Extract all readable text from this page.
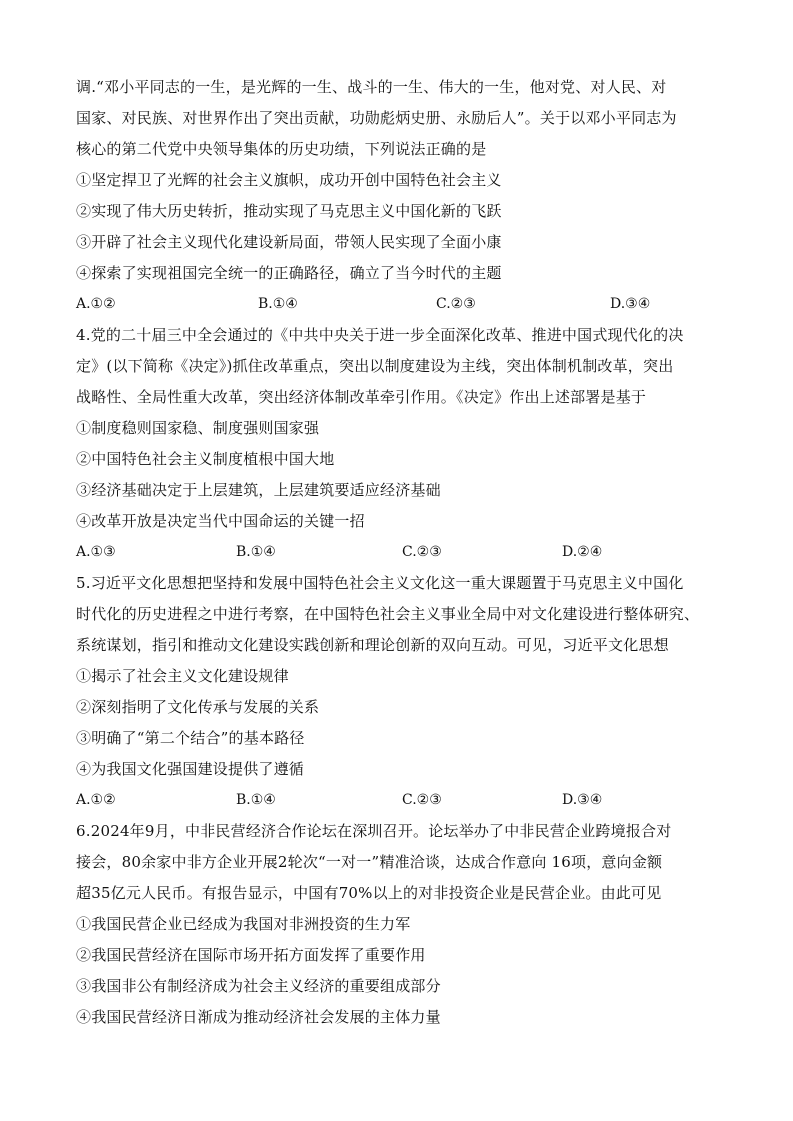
调.“邓小平同志的一生，是光辉的一生、战斗的一生、伟大的一生，他对党、对人民、对
国家、对民族、对世界作出了突出贡献，功勋彪炳史册、永励后人”。关于以邓小平同志为
核心的第二代党中央领导集体的历史功绩，下列说法正确的是
①坚定捍卫了光辉的社会主义旗帜，成功开创中国特色社会主义
②实现了伟大历史转折，推动实现了马克思主义中国化新的飞跃
③开辟了社会主义现代化建设新局面，带领人民实现了全面小康
④探索了实现祖国完全统一的正确路径，确立了当今时代的主题
A.①②	B.①④	C.②③	D.③④
4.党的二十届三中全会通过的《中共中央关于进一步全面深化改革、推进中国式现代化的决
定》(以下简称《决定》)抓住改革重点，突出以制度建设为主线，突出体制机制改革，突出
战略性、全局性重大改革，突出经济体制改革牵引作用。《决定》作出上述部署是基于
①制度稳则国家稳、制度强则国家强
②中国特色社会主义制度植根中国大地
③经济基础决定于上层建筑，上层建筑要适应经济基础
④改革开放是决定当代中国命运的关键一招
A.①③	B.①④	C.②③	D.②④
5.习近平文化思想把坚持和发展中国特色社会主义文化这一重大课题置于马克思主义中国化
时代化的历史进程之中进行考察，在中国特色社会主义事业全局中对文化建设进行整体研究、
系统谋划，指引和推动文化建设实践创新和理论创新的双向互动。可见，习近平文化思想
①揭示了社会主义文化建设规律
②深刻指明了文化传承与发展的关系
③明确了“第二个结合”的基本路径
④为我国文化强国建设提供了遵循
A.①②	B.①④	C.②③	D.③④
6.2024年9月，中非民营经济合作论坛在深圳召开。论坛举办了中非民营企业跨境报合对
接会，80余家中非方企业开展2轮次“一对一”精准洽谈，达成合作意向 16项，意向金额
超35亿元人民币。有报告显示，中国有70%以上的对非投资企业是民营企业。由此可见
①我国民营企业已经成为我国对非洲投资的生力军
②我国民营经济在国际市场开拓方面发挥了重要作用
③我国非公有制经济成为社会主义经济的重要组成部分
④我国民营经济日渐成为推动经济社会发展的主体力量
